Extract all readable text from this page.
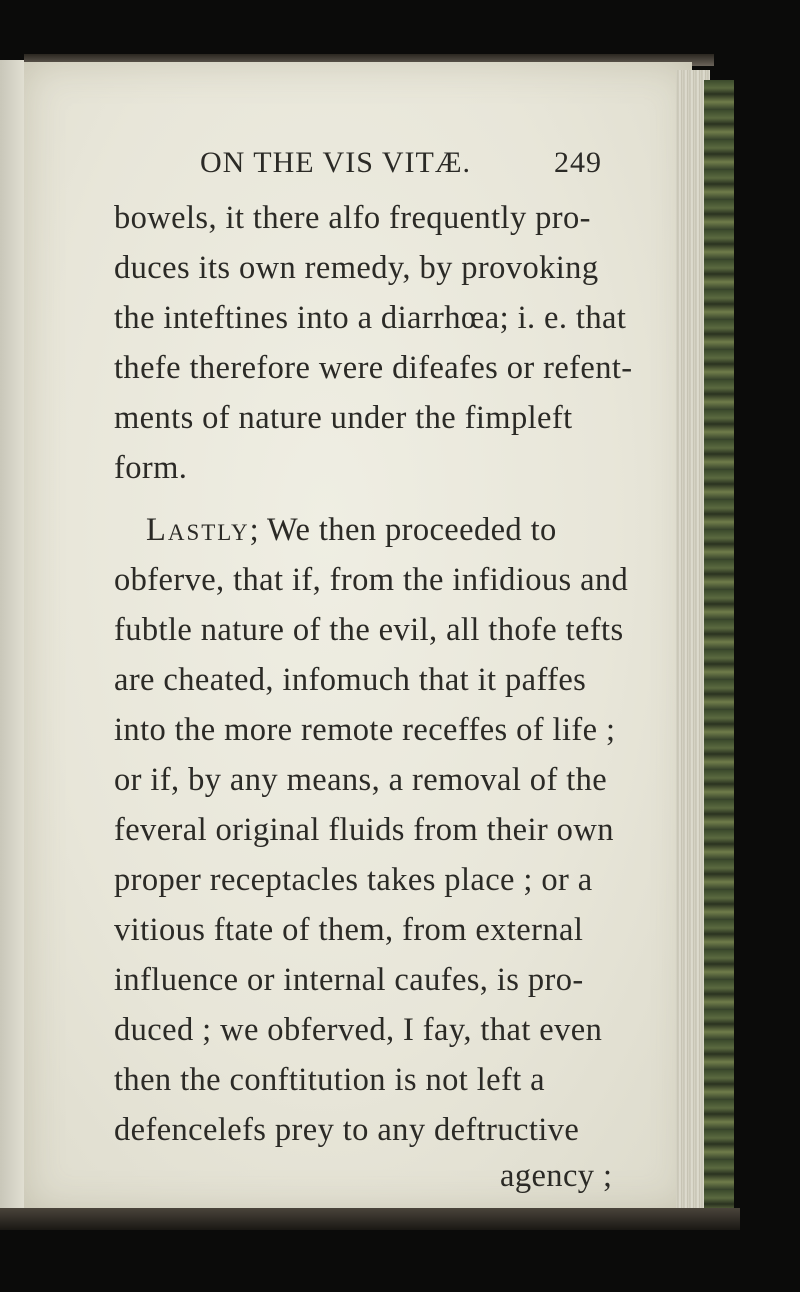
ON THE VIS VITÆ.	249
bowels, it there alfo frequently pro-
duces its own remedy, by provoking
the inteftines into a diarrhœa; i. e. that
thefe therefore were difeafes or refent-
ments of nature under the fimpleft
form.
Lastly; We then proceeded to
obferve, that if, from the infidious and
fubtle nature of the evil, all thofe tefts
are cheated, infomuch that it paffes
into the more remote receffes of life ;
or if, by any means, a removal of the
feveral original fluids from their own
proper receptacles takes place ; or a
vitious ftate of them, from external
influence or internal caufes, is pro-
duced ; we obferved, I fay, that even
then the conftitution is not left a
defencelefs prey to any deftructive
agency ;
